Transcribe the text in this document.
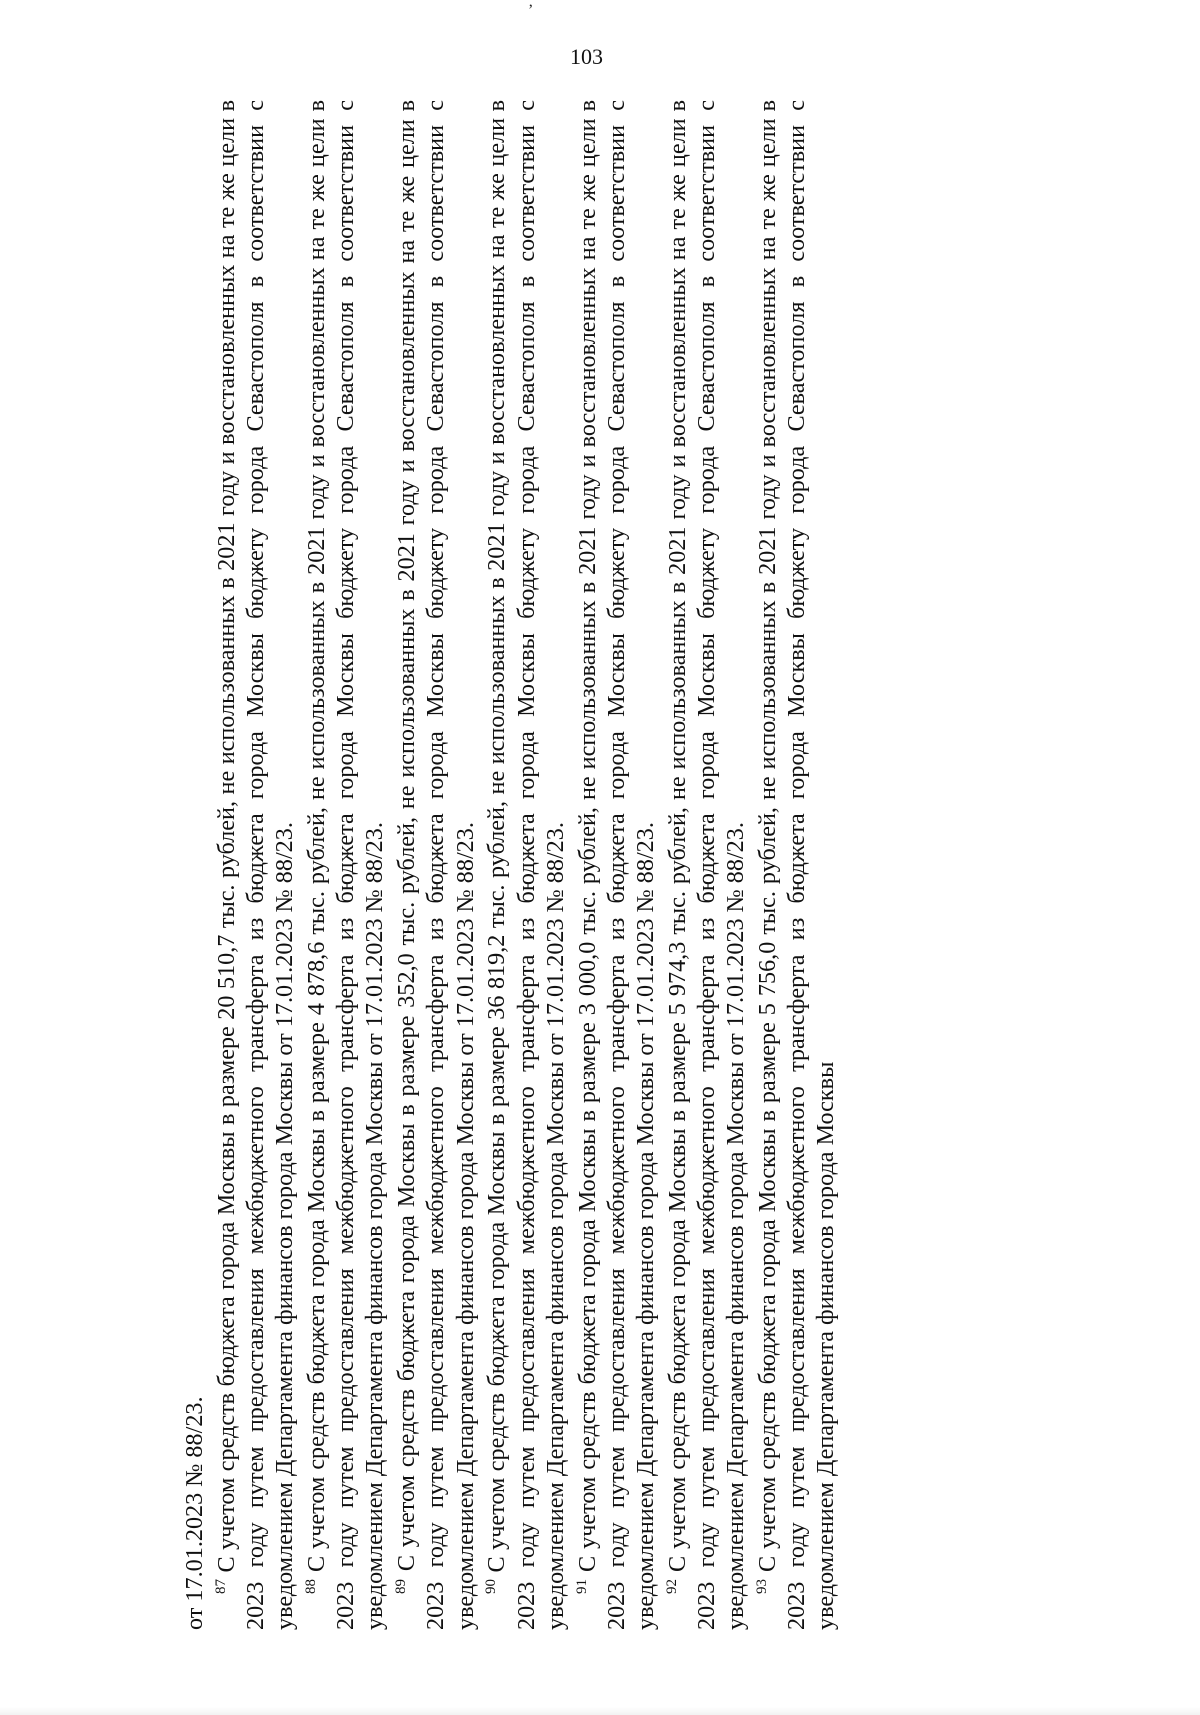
’
103

от 17.01.2023 № 88/23. $^{87}$ С учетом средств бюджета города Москвы в размере 20 510,7 тыс. рублей, не использованных в 2021 году и восстановленных на те же цели в 2023 году путем предоставления межбюджетного трансферта из бюджета города Москвы бюджету города Севастополя в соответствии с уведомлением Департамента финансов города Москвы от 17.01.2023 № 88/23. $^{88}$ С учетом средств бюджета города Москвы в размере 4 878,6 тыс. рублей, не использованных в 2021 году и восстановленных на те же цели в 2023 году путем предоставления межбюджетного трансферта из бюджета города Москвы бюджету города Севастополя в соответствии с уведомлением Департамента финансов города Москвы от 17.01.2023 № 88/23. $^{89}$ С учетом средств бюджета города Москвы в размере 352,0 тыс. рублей, не использованных в 2021 году и восстановленных на те же цели в 2023 году путем предоставления межбюджетного трансферта из бюджета города Москвы бюджету города Севастополя в соответствии с уведомлением Департамента финансов города Москвы от 17.01.2023 № 88/23. $^{90}$ С учетом средств бюджета города Москвы в размере 36 819,2 тыс. рублей, не использованных в 2021 году и восстановленных на те же цели в 2023 году путем предоставления межбюджетного трансферта из бюджета города Москвы бюджету города Севастополя в соответствии с уведомлением Департамента финансов города Москвы от 17.01.2023 № 88/23. $^{91}$ С учетом средств бюджета города Москвы в размере 3 000,0 тыс. рублей, не использованных в 2021 году и восстановленных на те же цели в 2023 году путем предоставления межбюджетного трансферта из бюджета города Москвы бюджету города Севастополя в соответствии с уведомлением Департамента финансов города Москвы от 17.01.2023 № 88/23. $^{92}$ С учетом средств бюджета города Москвы в размере 5 974,3 тыс. рублей, не использованных в 2021 году и восстановленных на те же цели в 2023 году путем предоставления межбюджетного трансферта из бюджета города Москвы бюджету города Севастополя в соответствии с уведомлением Департамента финансов города Москвы от 17.01.2023 № 88/23. $^{93}$ С учетом средств бюджета города Москвы в размере 5 756,0 тыс. рублей, не использованных в 2021 году и восстановленных на те же цели в 2023 году путем предоставления межбюджетного трансферта из бюджета города Москвы бюджету города Севастополя в соответствии с уведомлением Департамента финансов города Москвы
